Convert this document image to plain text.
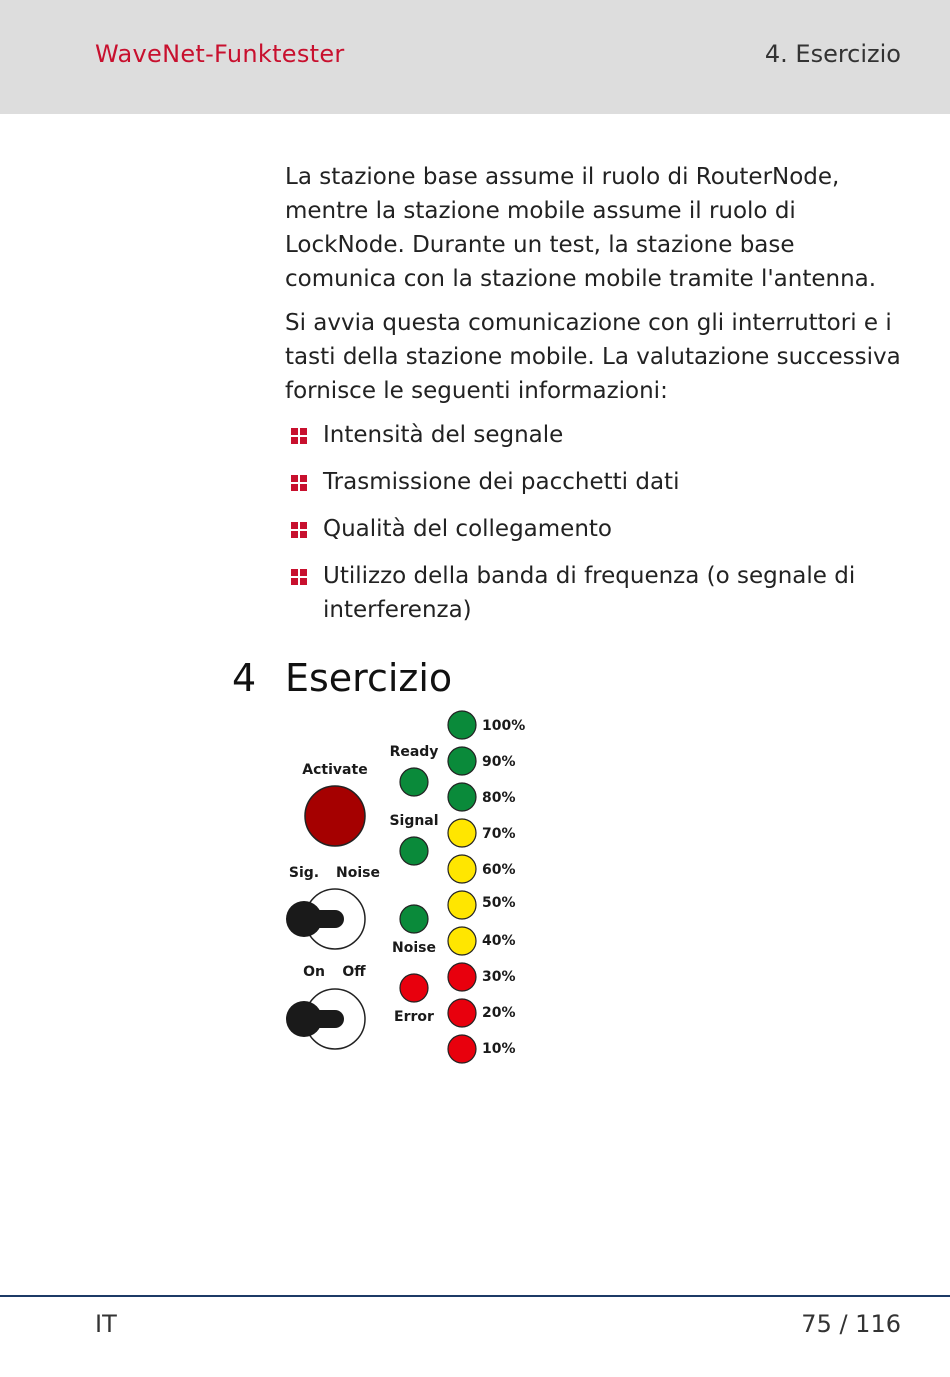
WaveNet-Funktester	4. Esercizio

La stazione base assume il ruolo di RouterNode, mentre la stazione mobile assume il ruolo di LockNode. Durante un test, la stazione base comunica con la stazione mobile tramite l'antenna.

Si avvia questa comunicazione con gli interruttori e i tasti della stazione mobile. La valutazione successiva fornisce le seguenti informazioni:

Intensità del segnale
Trasmissione dei pacchetti dati
Qualità del collegamento
Utilizzo della banda di frequenza (o segnale di interferenza)
4 Esercizio
Activate
Sig. Noise
On Off
Ready
Signal
Noise
Error
100%
90%
80%
70%
60%
50%
40%
30%
20%
10%
IT	75 / 116
